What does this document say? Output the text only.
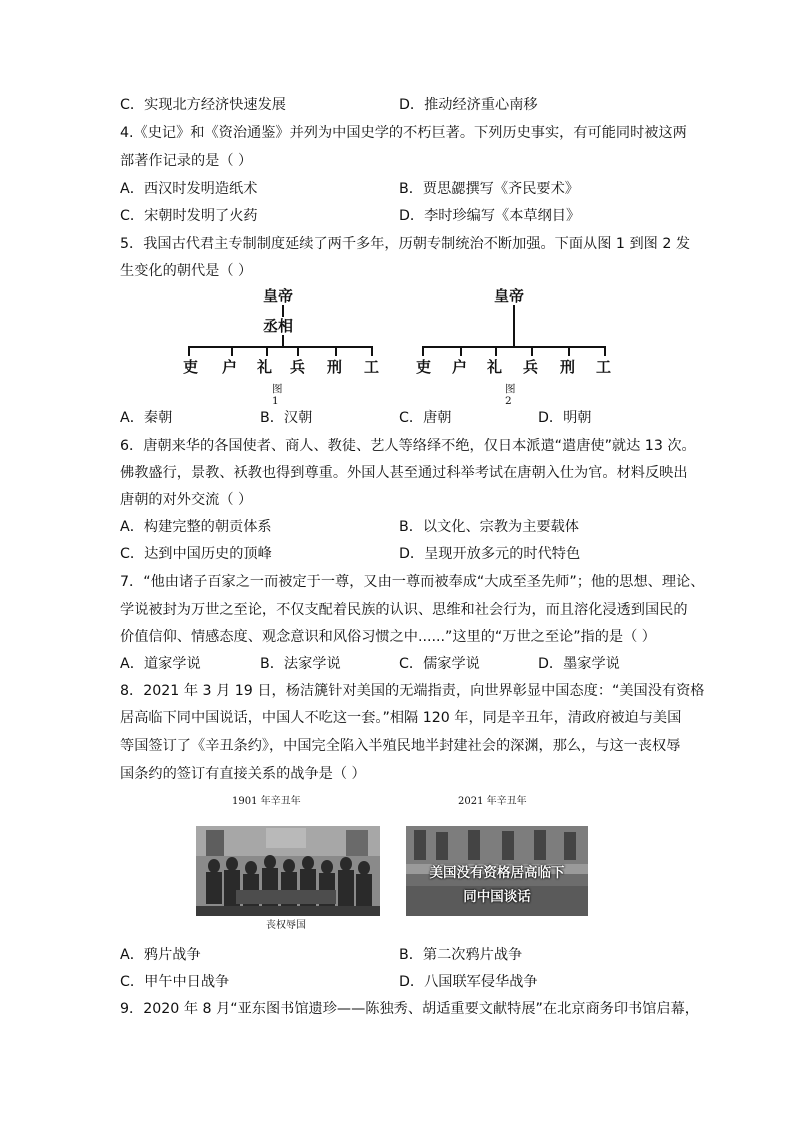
C．实现北方经济快速发展	D．推动经济重心南移
4.《史记》和《资治通鉴》并列为中国史学的不朽巨著。下列历史事实，有可能同时被这两
部著作记录的是（ ）
A．西汉时发明造纸术	B．贾思勰撰写《齐民要术》
C．宋朝时发明了火药	D．李时珍编写《本草纲目》
5．我国古代君主专制制度延续了两千多年，历朝专制统治不断加强。下面从图 1 到图 2 发
生变化的朝代是（ ）
皇帝
丞相
吏 户 礼 兵 刑 工
图 1
皇帝
吏 户 礼 兵 刑 工
图 2
A．秦朝	B．汉朝	C．唐朝	D．明朝
6．唐朝来华的各国使者、商人、教徒、艺人等络绎不绝，仅日本派遣“遣唐使”就达 13 次。
佛教盛行，景教、袄教也得到尊重。外国人甚至通过科举考试在唐朝入仕为官。材料反映出
唐朝的对外交流（ ）
A．构建完整的朝贡体系	B．以文化、宗教为主要载体
C．达到中国历史的顶峰	D．呈现开放多元的时代特色
7．“他由诸子百家之一而被定于一尊，又由一尊而被奉成“大成至圣先师”；他的思想、理论、
学说被封为万世之至论，不仅支配着民族的认识、思维和社会行为，而且溶化浸透到国民的
价值信仰、情感态度、观念意识和风俗习惯之中......”这里的“万世之至论”指的是（ ）
A．道家学说	B．法家学说	C．儒家学说	D．墨家学说
8．2021 年 3 月 19 日，杨洁篪针对美国的无端指责，向世界彰显中国态度：“美国没有资格
居高临下同中国说话，中国人不吃这一套。”相隔 120 年，同是辛丑年，清政府被迫与美国
等国签订了《辛丑条约》，中国完全陷入半殖民地半封建社会的深渊，那么，与这一丧权辱
国条约的签订有直接关系的战争是（ ）
1901 年辛丑年
丧权辱国
2021 年辛丑年
美国没有资格居高临下
同中国谈话
A．鸦片战争	B．第二次鸦片战争
C．甲午中日战争	D．八国联军侵华战争
9．2020 年 8 月“亚东图书馆遗珍——陈独秀、胡适重要文献特展”在北京商务印书馆启幕，
